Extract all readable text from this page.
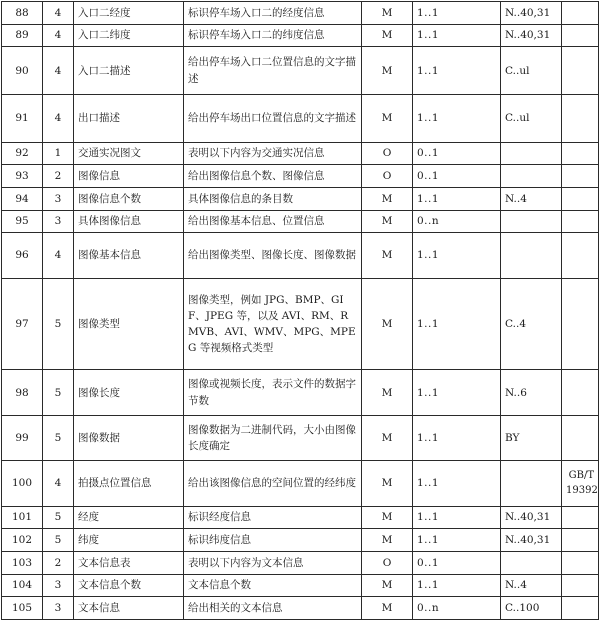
88	4	入口二经度	标识停车场入口二的经度信息	M	1..1	N..40,31	
89	4	入口二纬度	标识停车场入口二的纬度信息	M	1..1	N..40,31	
90	4	入口二描述	给出停车场入口二位置信息的文字描述	M	1..1	C..ul	
91	4	出口描述	给出停车场出口位置信息的文字描述	M	1..1	C..ul	
92	1	交通实况图文	表明以下内容为交通实况信息	O	0..1		
93	2	图像信息	给出图像信息个数、图像信息	O	0..1		
94	3	图像信息个数	具体图像信息的条目数	M	1..1	N..4	
95	3	具体图像信息	给出图像基本信息、位置信息	M	0..n		
96	4	图像基本信息	给出图像类型、图像长度、图像数据	M	1..1		
97	5	图像类型	图像类型，例如 JPG、BMP、GIF、JPEG 等，以及 AVI、RM、RMVB、AVI、WMV、MPG、MPEG 等视频格式类型	M	1..1	C..4	
98	5	图像长度	图像或视频长度，表示文件的数据字节数	M	1..1	N..6	
99	5	图像数据	图像数据为二进制代码，大小由图像长度确定	M	1..1	BY	
100	4	拍摄点位置信息	给出该图像信息的空间位置的经纬度	M	1..1		GB/T 19392
101	5	经度	标识经度信息	M	1..1	N..40,31	
102	5	纬度	标识纬度信息	M	1..1	N..40,31	
103	2	文本信息表	表明以下内容为文本信息	O	0..1		
104	3	文本信息个数	文本信息个数	M	1..1	N..4	
105	3	文本信息	给出相关的文本信息	M	0..n	C..100	
